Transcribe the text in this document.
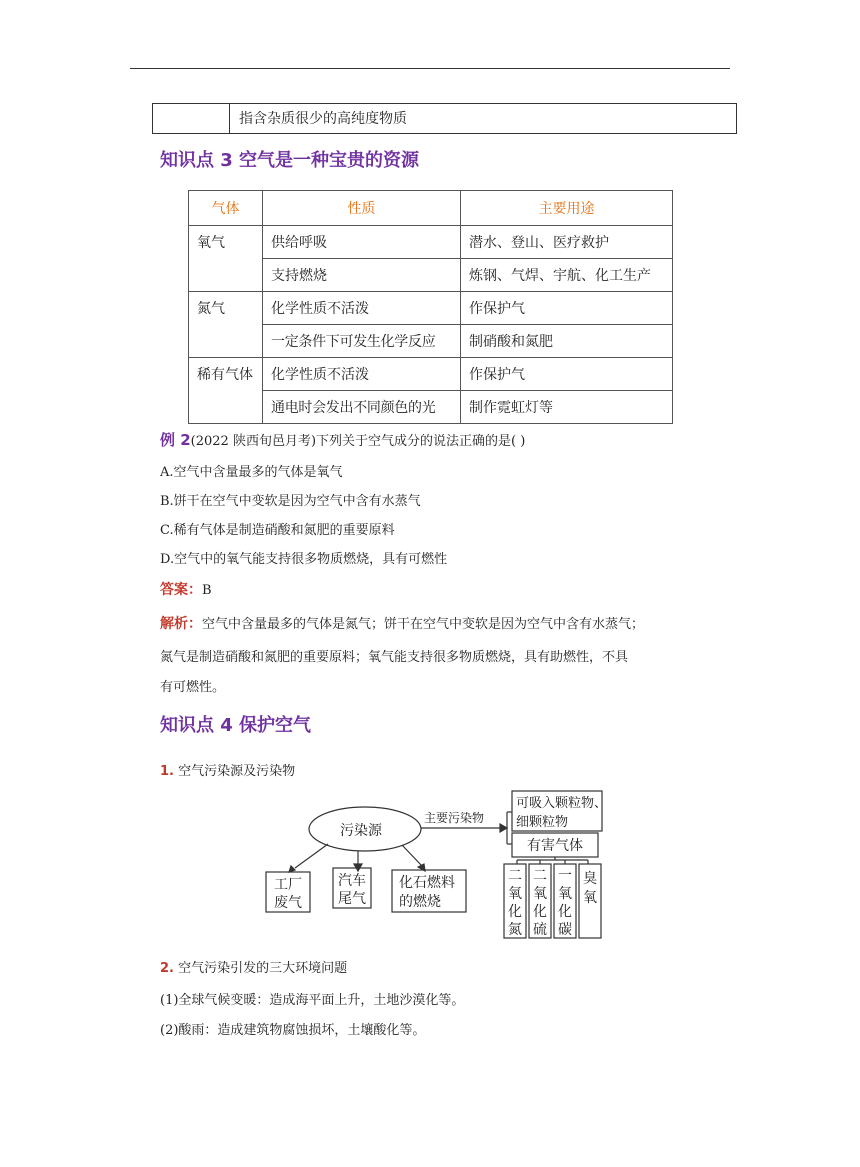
指含杂质很少的高纯度物质
知识点 3 空气是一种宝贵的资源
气体	性质	主要用途
氧气	供给呼吸	潜水、登山、医疗救护
	支持燃烧	炼钢、气焊、宇航、化工生产
氮气	化学性质不活泼	作保护气
	一定条件下可发生化学反应	制硝酸和氮肥
稀有气体	化学性质不活泼	作保护气
	通电时会发出不同颜色的光	制作霓虹灯等
例 2(2022 陕西旬邑月考)下列关于空气成分的说法正确的是( )
A.空气中含量最多的气体是氧气
B.饼干在空气中变软是因为空气中含有水蒸气
C.稀有气体是制造硝酸和氮肥的重要原料
D.空气中的氧气能支持很多物质燃烧，具有可燃性
答案：B
解析：空气中含量最多的气体是氮气；饼干在空气中变软是因为空气中含有水蒸气；
氮气是制造硝酸和氮肥的重要原料；氧气能支持很多物质燃烧，具有助燃性，不具
有可燃性。
知识点 4 保护空气
1. 空气污染源及污染物
污染源
主要污染物
可吸入颗粒物、
细颗粒物
有害气体
工厂
废气
汽车
尾气
化石燃料
的燃烧
二
氧
化
氮
二
氧
化
硫
一
氧
化
碳
臭
氧
2. 空气污染引发的三大环境问题
(1)全球气候变暖：造成海平面上升，土地沙漠化等。
(2)酸雨：造成建筑物腐蚀损坏，土壤酸化等。
